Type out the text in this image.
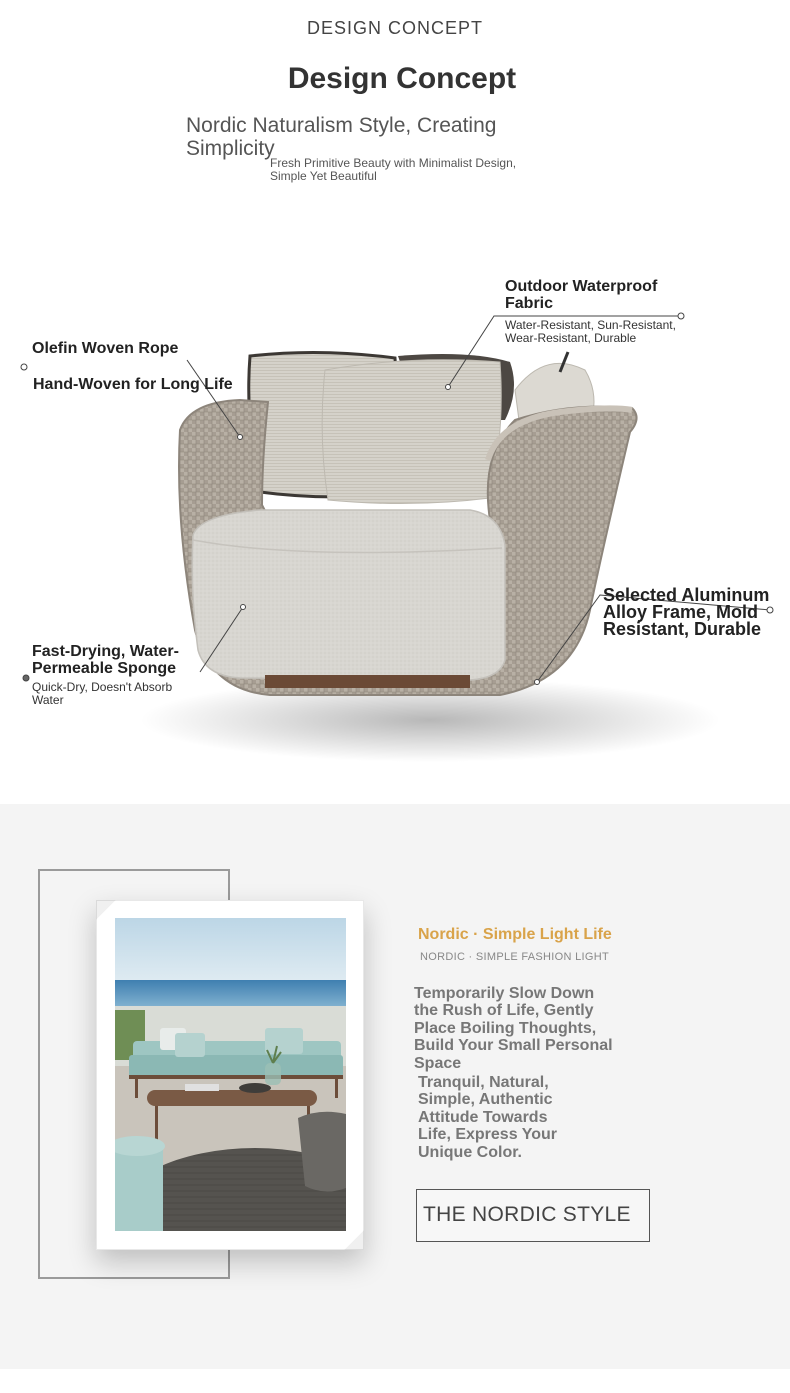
DESIGN CONCEPT
Design Concept
Nordic Naturalism Style, Creating Simplicity
Fresh Primitive Beauty with Minimalist Design, Simple Yet Beautiful
Olefin Woven Rope
Hand-Woven for Long Life
Outdoor Waterproof Fabric
Water-Resistant, Sun-Resistant, Wear-Resistant, Durable
Fast-Drying, Water-Permeable Sponge
Quick-Dry, Doesn't Absorb Water
Selected Aluminum Alloy Frame, Mold Resistant, Durable
Nordic · Simple Light Life
NORDIC · SIMPLE FASHION LIGHT
Temporarily Slow Down the Rush of Life, Gently Place Boiling Thoughts, Build Your Small Personal Space
Tranquil, Natural, Simple, Authentic Attitude Towards Life, Express Your Unique Color.
THE NORDIC STYLE
